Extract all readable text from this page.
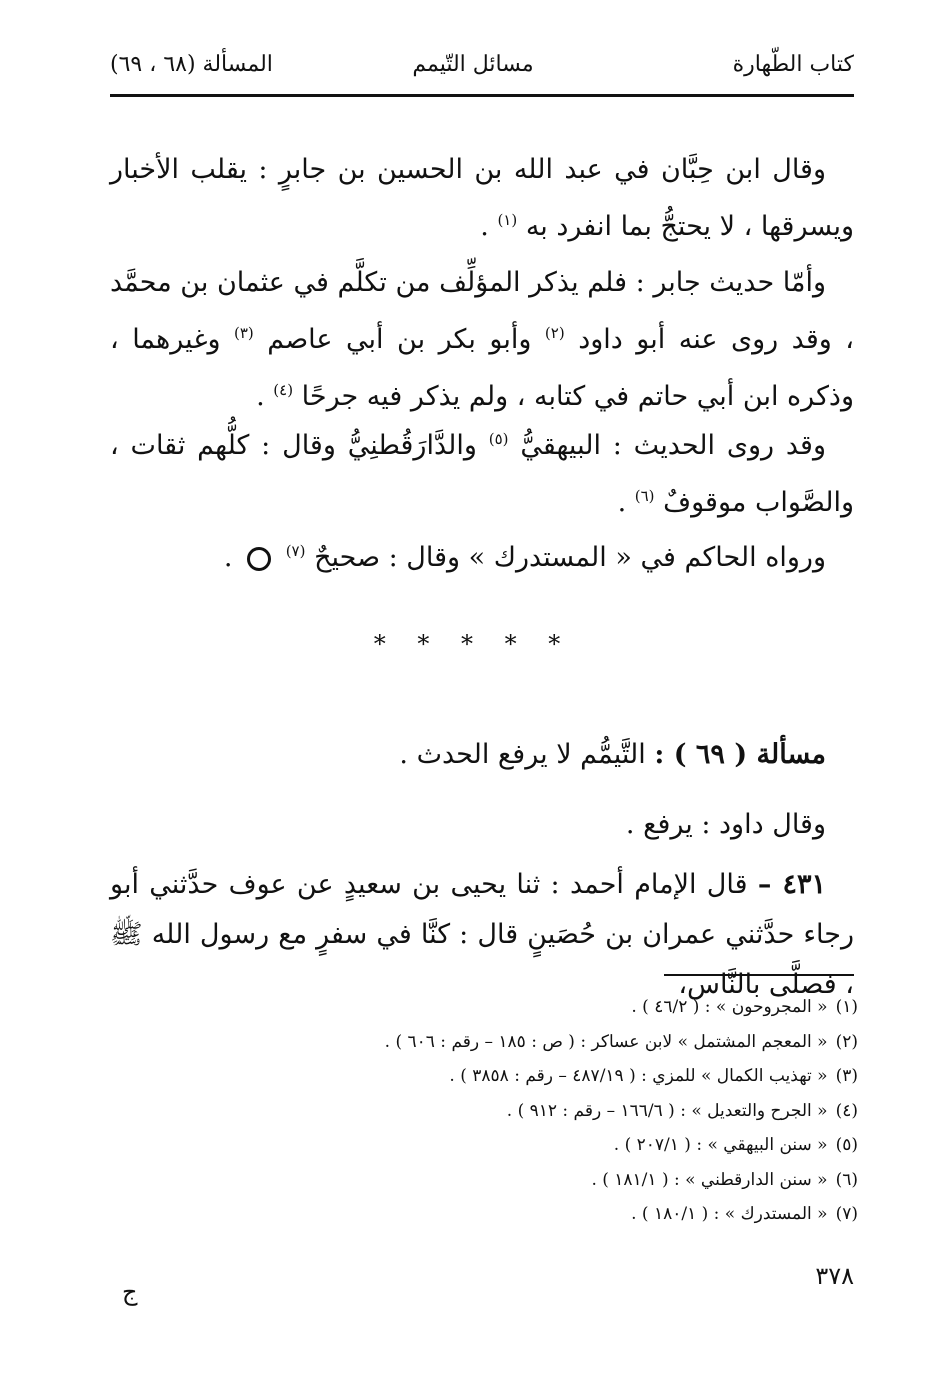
كتاب الطّهارة
مسائل التّيمم
المسألة (٦٨ ، ٦٩)
وقال ابن حِبَّان في عبد الله بن الحسين بن جابرٍ : يقلب الأخبار ويسرقها ، لا يحتجُّ بما انفرد به $^{(١)}$ .
وأمّا حديث جابر : فلم يذكر المؤلِّف من تكلَّم في عثمان بن محمَّد ، وقد روى عنه أبو داود $^{(٢)}$ وأبو بكر بن أبي عاصم $^{(٣)}$ وغيرهما ، وذكره ابن أبي حاتم في كتابه ، ولم يذكر فيه جرحًا $^{(٤)}$ .
وقد روى الحديث : البيهقيُّ $^{(٥)}$ والدَّارَقُطنِيُّ وقال : كلُّهم ثقات ، والصَّواب موقوفٌ $^{(٦)}$ .
ورواه الحاكم في « المستدرك » وقال : صحيحٌ $^{(٧)}$  .
* * * * *
مسألة ( ٦٩ ) : التَّيمُّم لا يرفع الحدث .
وقال داود : يرفع .
٤٣١ – قال الإمام أحمد : ثنا يحيى بن سعيدٍ عن عوف حدَّثني أبو رجاء حدَّثني عمران بن حُصَينٍ قال : كنَّا في سفرٍ مع رسول الله ﷺ ، فصلَّى بالنَّاس،
(١)« المجروحون » : ( ٤٦/٢ ) .
(٢)« المعجم المشتمل » لابن عساكر : ( ص : ١٨٥ – رقم : ٦٠٦ ) .
(٣)« تهذيب الكمال » للمزي : ( ٤٨٧/١٩ – رقم : ٣٨٥٨ ) .
(٤)« الجرح والتعديل » : ( ١٦٦/٦ – رقم : ٩١٢ ) .
(٥)« سنن البيهقي » : ( ٢٠٧/١ ) .
(٦)« سنن الدارقطني » : ( ١٨١/١ ) .
(٧)« المستدرك » : ( ١٨٠/١ ) .
٣٧٨
ج
